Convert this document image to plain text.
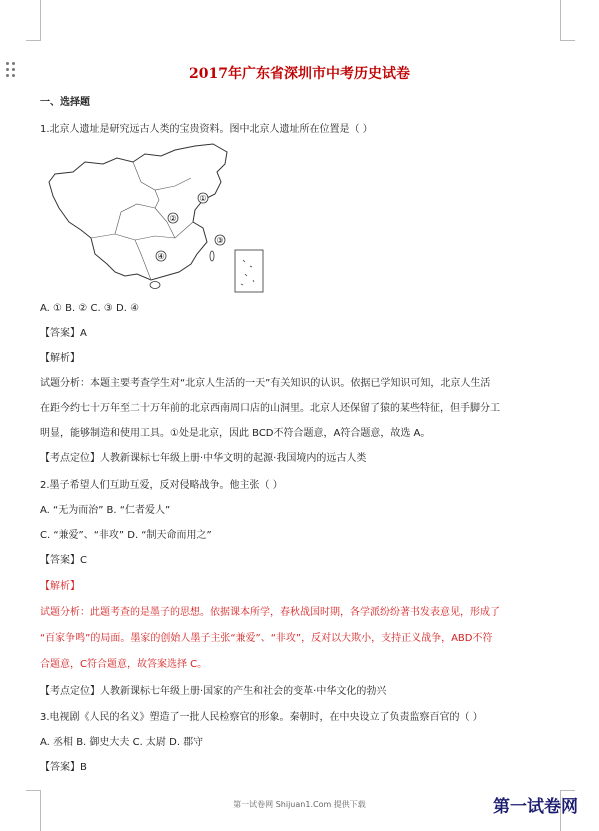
2017年广东省深圳市中考历史试卷
一、选择题
1.北京人遗址是研究远古人类的宝贵资料。图中北京人遗址所在位置是（ ）
①
②
③
④
A. ① B. ② C. ③ D. ④
【答案】A
【解析】
试题分析：本题主要考查学生对“北京人生活的一天”有关知识的认识。依据已学知识可知，北京人生活
在距今约七十万年至二十万年前的北京西南周口店的山洞里。北京人还保留了猿的某些特征，但手脚分工
明显，能够制造和使用工具。①处是北京，因此 BCD不符合题意，A符合题意，故选 A。
【考点定位】人教新课标七年级上册·中华文明的起源·我国境内的远古人类
2.墨子希望人们互助互爱，反对侵略战争。他主张（ ）
A. “无为而治” B. “仁者爱人”
C. “兼爱”、“非攻” D. “制天命而用之”
【答案】C
【解析】
试题分析：此题考查的是墨子的思想。依据课本所学，春秋战国时期，各学派纷纷著书发表意见，形成了
“百家争鸣”的局面。墨家的创始人墨子主张“兼爱”、“非攻”，反对以大欺小，支持正义战争，ABD不符
合题意，C符合题意，故答案选择 C。
【考点定位】人教新课标七年级上册·国家的产生和社会的变革·中华文化的勃兴
3.电视剧《人民的名义》塑造了一批人民检察官的形象。秦朝时，在中央设立了负责监察百官的（ ）
A. 丞相 B. 御史大夫 C. 太尉 D. 郡守
【答案】B
第一试卷网 Shijuan1.Com 提供下载	第一试卷网
